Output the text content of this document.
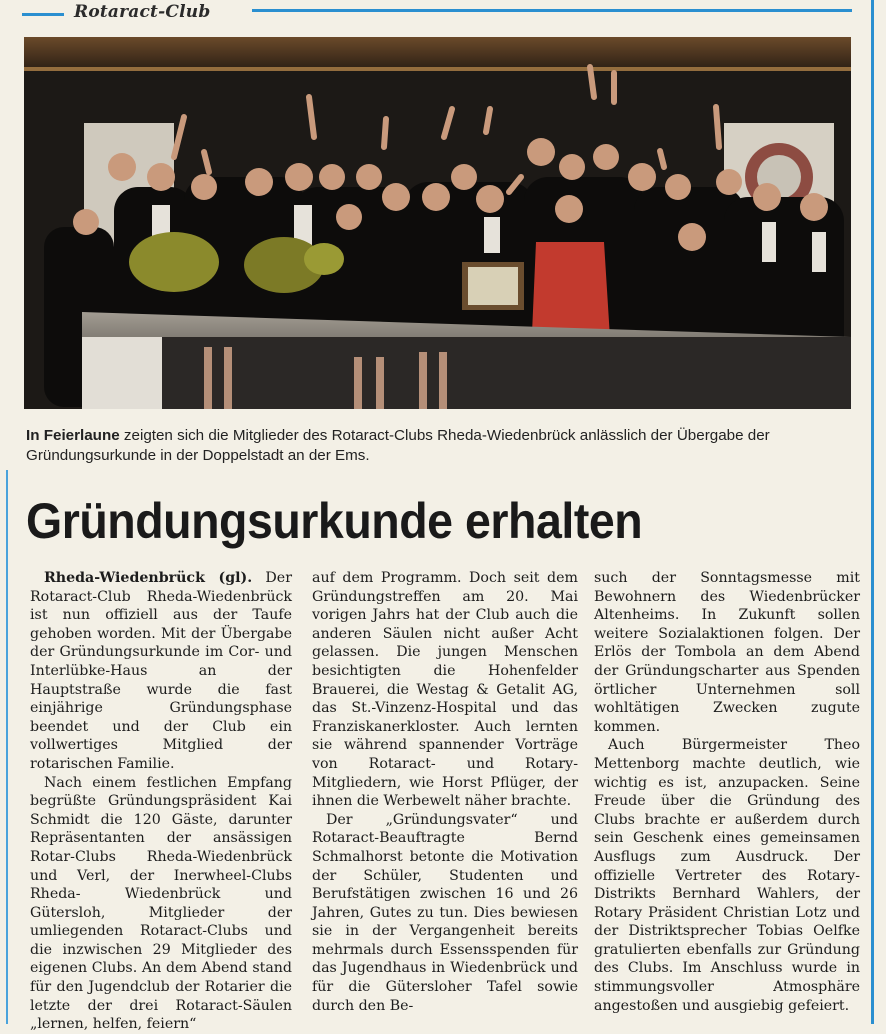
Rotaract-Club
In Feierlaune zeigten sich die Mitglieder des Rotaract-Clubs Rheda-Wiedenbrück anlässlich der Übergabe der Gründungsurkunde in der Doppelstadt an der Ems.
Gründungsurkunde erhalten

Rheda-Wiedenbrück (gl). Der Rotaract-Club Rheda-Wiedenbrück ist nun offiziell aus der Taufe gehoben worden. Mit der Übergabe der Gründungsurkunde im Cor- und Interlübke-Haus an der Hauptstraße wurde die fast einjährige Gründungsphase beendet und der Club ein vollwertiges Mitglied der rotarischen Familie.

Nach einem festlichen Empfang begrüßte Gründungspräsident Kai Schmidt die 120 Gäste, darunter Repräsentanten der ansässigen Rotar-Clubs Rheda-Wiedenbrück und Verl, der Inerwheel-Clubs Rheda- Wiedenbrück und Gütersloh, Mitglieder der umliegenden Rotaract-Clubs und die inzwischen 29 Mitglieder des eigenen Clubs. An dem Abend stand für den Jugendclub der Rotarier die letzte der drei Rotaract-Säulen „lernen, helfen, feiern“

auf dem Programm. Doch seit dem Gründungstreffen am 20. Mai vorigen Jahrs hat der Club auch die anderen Säulen nicht außer Acht gelassen. Die jungen Menschen besichtigten die Hohenfelder Brauerei, die Westag & Getalit AG, das St.-Vinzenz-Hospital und das Franziskanerkloster. Auch lernten sie während spannender Vorträge von Rotaract- und Rotary-Mitgliedern, wie Horst Pflüger, der ihnen die Werbewelt näher brachte.

Der „Gründungsvater“ und Rotaract-Beauftragte Bernd Schmalhorst betonte die Motivation der Schüler, Studenten und Berufstätigen zwischen 16 und 26 Jahren, Gutes zu tun. Dies bewiesen sie in der Vergangenheit bereits mehrmals durch Essensspenden für das Jugendhaus in Wiedenbrück und für die Gütersloher Tafel sowie durch den Be-

such der Sonntagsmesse mit Bewohnern des Wiedenbrücker Altenheims. In Zukunft sollen weitere Sozialaktionen folgen. Der Erlös der Tombola an dem Abend der Gründungscharter aus Spenden örtlicher Unternehmen soll wohltätigen Zwecken zugute kommen.

Auch Bürgermeister Theo Mettenborg machte deutlich, wie wichtig es ist, anzupacken. Seine Freude über die Gründung des Clubs brachte er außerdem durch sein Geschenk eines gemeinsamen Ausflugs zum Ausdruck. Der offizielle Vertreter des Rotary-Distrikts Bernhard Wahlers, der Rotary Präsident Christian Lotz und der Distriktsprecher Tobias Oelfke gratulierten ebenfalls zur Gründung des Clubs. Im Anschluss wurde in stimmungsvoller Atmosphäre angestoßen und ausgiebig gefeiert.
